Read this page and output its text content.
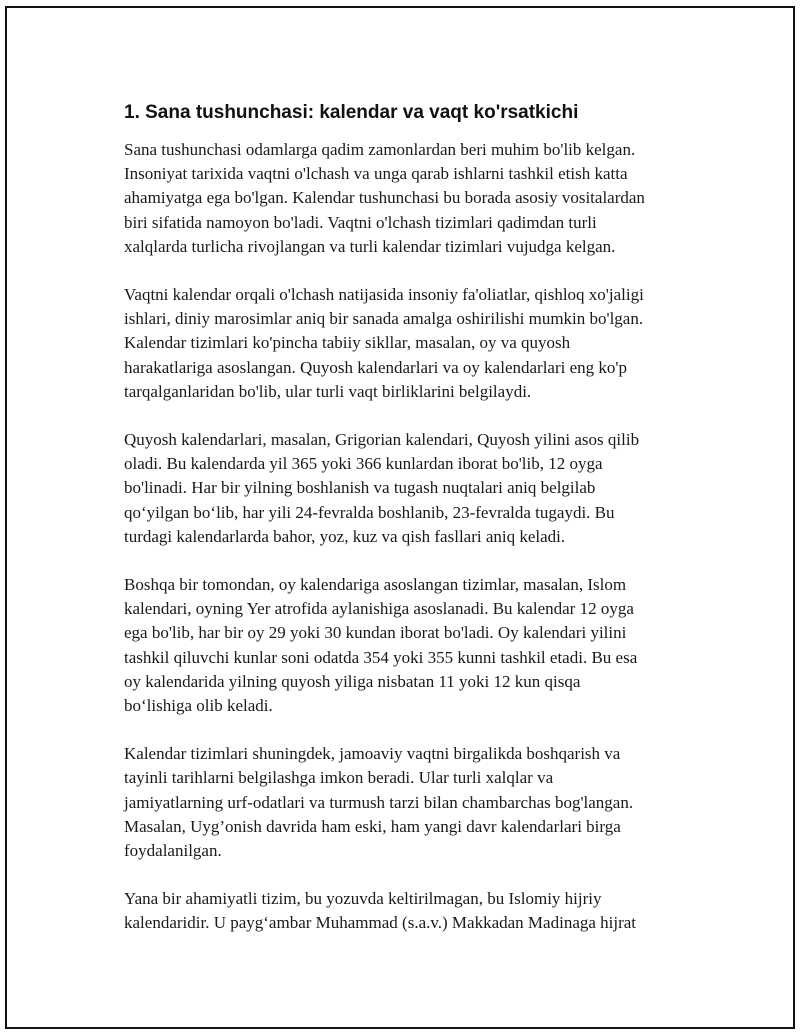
1. Sana tushunchasi: kalendar va vaqt ko'rsatkichi
Sana tushunchasi odamlarga qadim zamonlardan beri muhim bo'lib kelgan.
Insoniyat tarixida vaqtni o'lchash va unga qarab ishlarni tashkil etish katta
ahamiyatga ega bo'lgan. Kalendar tushunchasi bu borada asosiy vositalardan
biri sifatida namoyon bo'ladi. Vaqtni o'lchash tizimlari qadimdan turli
xalqlarda turlicha rivojlangan va turli kalendar tizimlari vujudga kelgan.
Vaqtni kalendar orqali o'lchash natijasida insoniy fa'oliatlar, qishloq xo'jaligi
ishlari, diniy marosimlar aniq bir sanada amalga oshirilishi mumkin bo'lgan.
Kalendar tizimlari ko'pincha tabiiy sikllar, masalan, oy va quyosh
harakatlariga asoslangan. Quyosh kalendarlari va oy kalendarlari eng ko'p
tarqalganlaridan bo'lib, ular turli vaqt birliklarini belgilaydi.
Quyosh kalendarlari, masalan, Grigorian kalendari, Quyosh yilini asos qilib
oladi. Bu kalendarda yil 365 yoki 366 kunlardan iborat bo'lib, 12 oyga
bo'linadi. Har bir yilning boshlanish va tugash nuqtalari aniq belgilab
qo‘yilgan bo‘lib, har yili 24-fevralda boshlanib, 23-fevralda tugaydi. Bu
turdagi kalendarlarda bahor, yoz, kuz va qish fasllari aniq keladi.
Boshqa bir tomondan, oy kalendariga asoslangan tizimlar, masalan, Islom
kalendari, oyning Yer atrofida aylanishiga asoslanadi. Bu kalendar 12 oyga
ega bo'lib, har bir oy 29 yoki 30 kundan iborat bo'ladi. Oy kalendari yilini
tashkil qiluvchi kunlar soni odatda 354 yoki 355 kunni tashkil etadi. Bu esa
oy kalendarida yilning quyosh yiliga nisbatan 11 yoki 12 kun qisqa
bo‘lishiga olib keladi.
Kalendar tizimlari shuningdek, jamoaviy vaqtni birgalikda boshqarish va
tayinli tarihlarni belgilashga imkon beradi. Ular turli xalqlar va
jamiyatlarning urf-odatlari va turmush tarzi bilan chambarchas bog'langan.
Masalan, Uyg’onish davrida ham eski, ham yangi davr kalendarlari birga
foydalanilgan.
Yana bir ahamiyatli tizim, bu yozuvda keltirilmagan, bu Islomiy hijriy
kalendaridir. U payg‘ambar Muhammad (s.a.v.) Makkadan Madinaga hijrat
